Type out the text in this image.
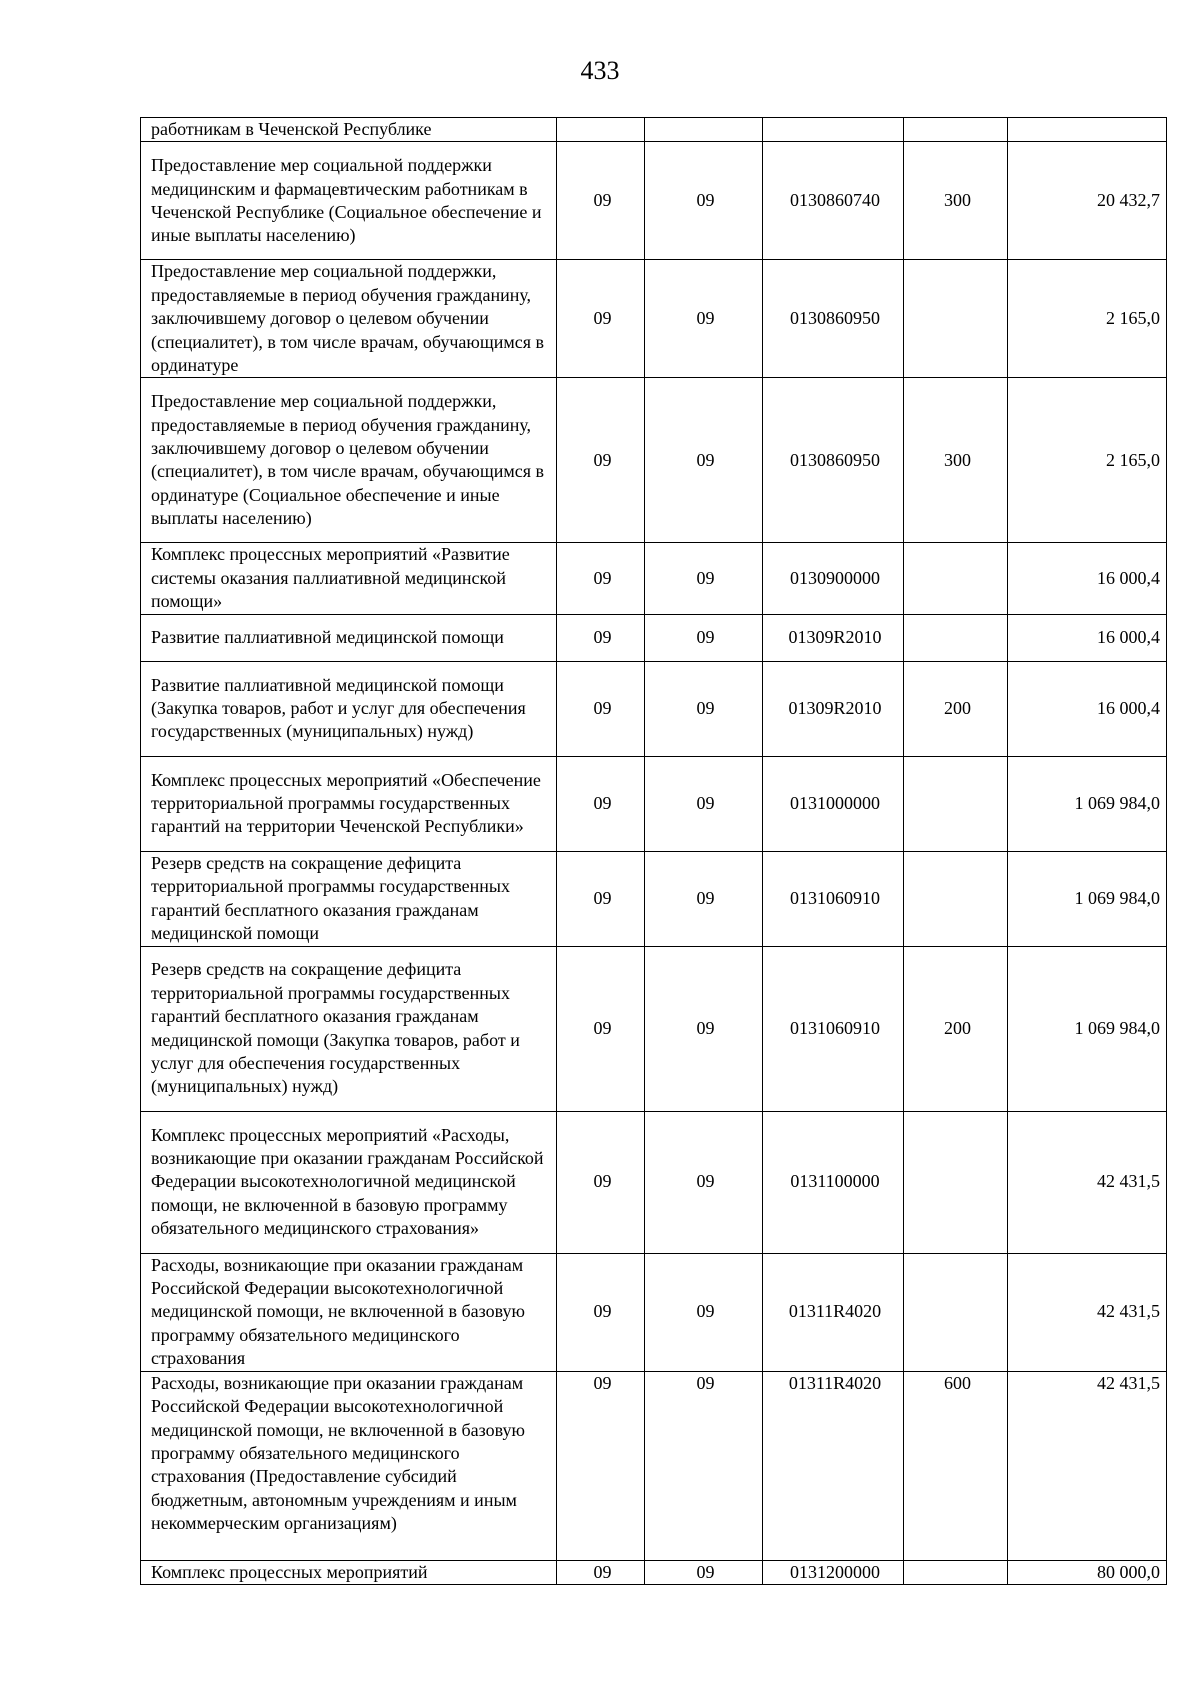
433
работникам в Чеченской Республике					
Предоставление мер социальной поддержки медицинским и фармацевтическим работникам в Чеченской Республике (Социальное обеспечение и иные выплаты населению)	09	09	0130860740	300	20 432,7
Предоставление мер социальной поддержки, предоставляемые в период обучения гражданину, заключившему договор о целевом обучении (специалитет), в том числе врачам, обучающимся в ординатуре	09	09	0130860950		2 165,0
Предоставление мер социальной поддержки, предоставляемые в период обучения гражданину, заключившему договор о целевом обучении (специалитет), в том числе врачам, обучающимся в ординатуре (Социальное обеспечение и иные выплаты населению)	09	09	0130860950	300	2 165,0
Комплекс процессных мероприятий «Развитие системы оказания паллиативной медицинской помощи»	09	09	0130900000		16 000,4
Развитие паллиативной медицинской помощи	09	09	01309R2010		16 000,4
Развитие паллиативной медицинской помощи (Закупка товаров, работ и услуг для обеспечения государственных (муниципальных) нужд)	09	09	01309R2010	200	16 000,4
Комплекс процессных мероприятий «Обеспечение территориальной программы государственных гарантий на территории Чеченской Республики»	09	09	0131000000		1 069 984,0
Резерв средств на сокращение дефицита территориальной программы государственных гарантий бесплатного оказания гражданам медицинской помощи	09	09	0131060910		1 069 984,0
Резерв средств на сокращение дефицита территориальной программы государственных гарантий бесплатного оказания гражданам медицинской помощи (Закупка товаров, работ и услуг для обеспечения государственных (муниципальных) нужд)	09	09	0131060910	200	1 069 984,0
Комплекс процессных мероприятий «Расходы, возникающие при оказании гражданам Российской Федерации высокотехнологичной медицинской помощи, не включенной в базовую программу обязательного медицинского страхования»	09	09	0131100000		42 431,5
Расходы, возникающие при оказании гражданам Российской Федерации высокотехнологичной медицинской помощи, не включенной в базовую программу обязательного медицинского страхования	09	09	01311R4020		42 431,5
Расходы, возникающие при оказании гражданам Российской Федерации высокотехнологичной медицинской помощи, не включенной в базовую программу обязательного медицинского страхования (Предоставление субсидий бюджетным, автономным учреждениям и иным некоммерческим организациям)	09	09	01311R4020	600	42 431,5
Комплекс процессных мероприятий	09	09	0131200000		80 000,0
